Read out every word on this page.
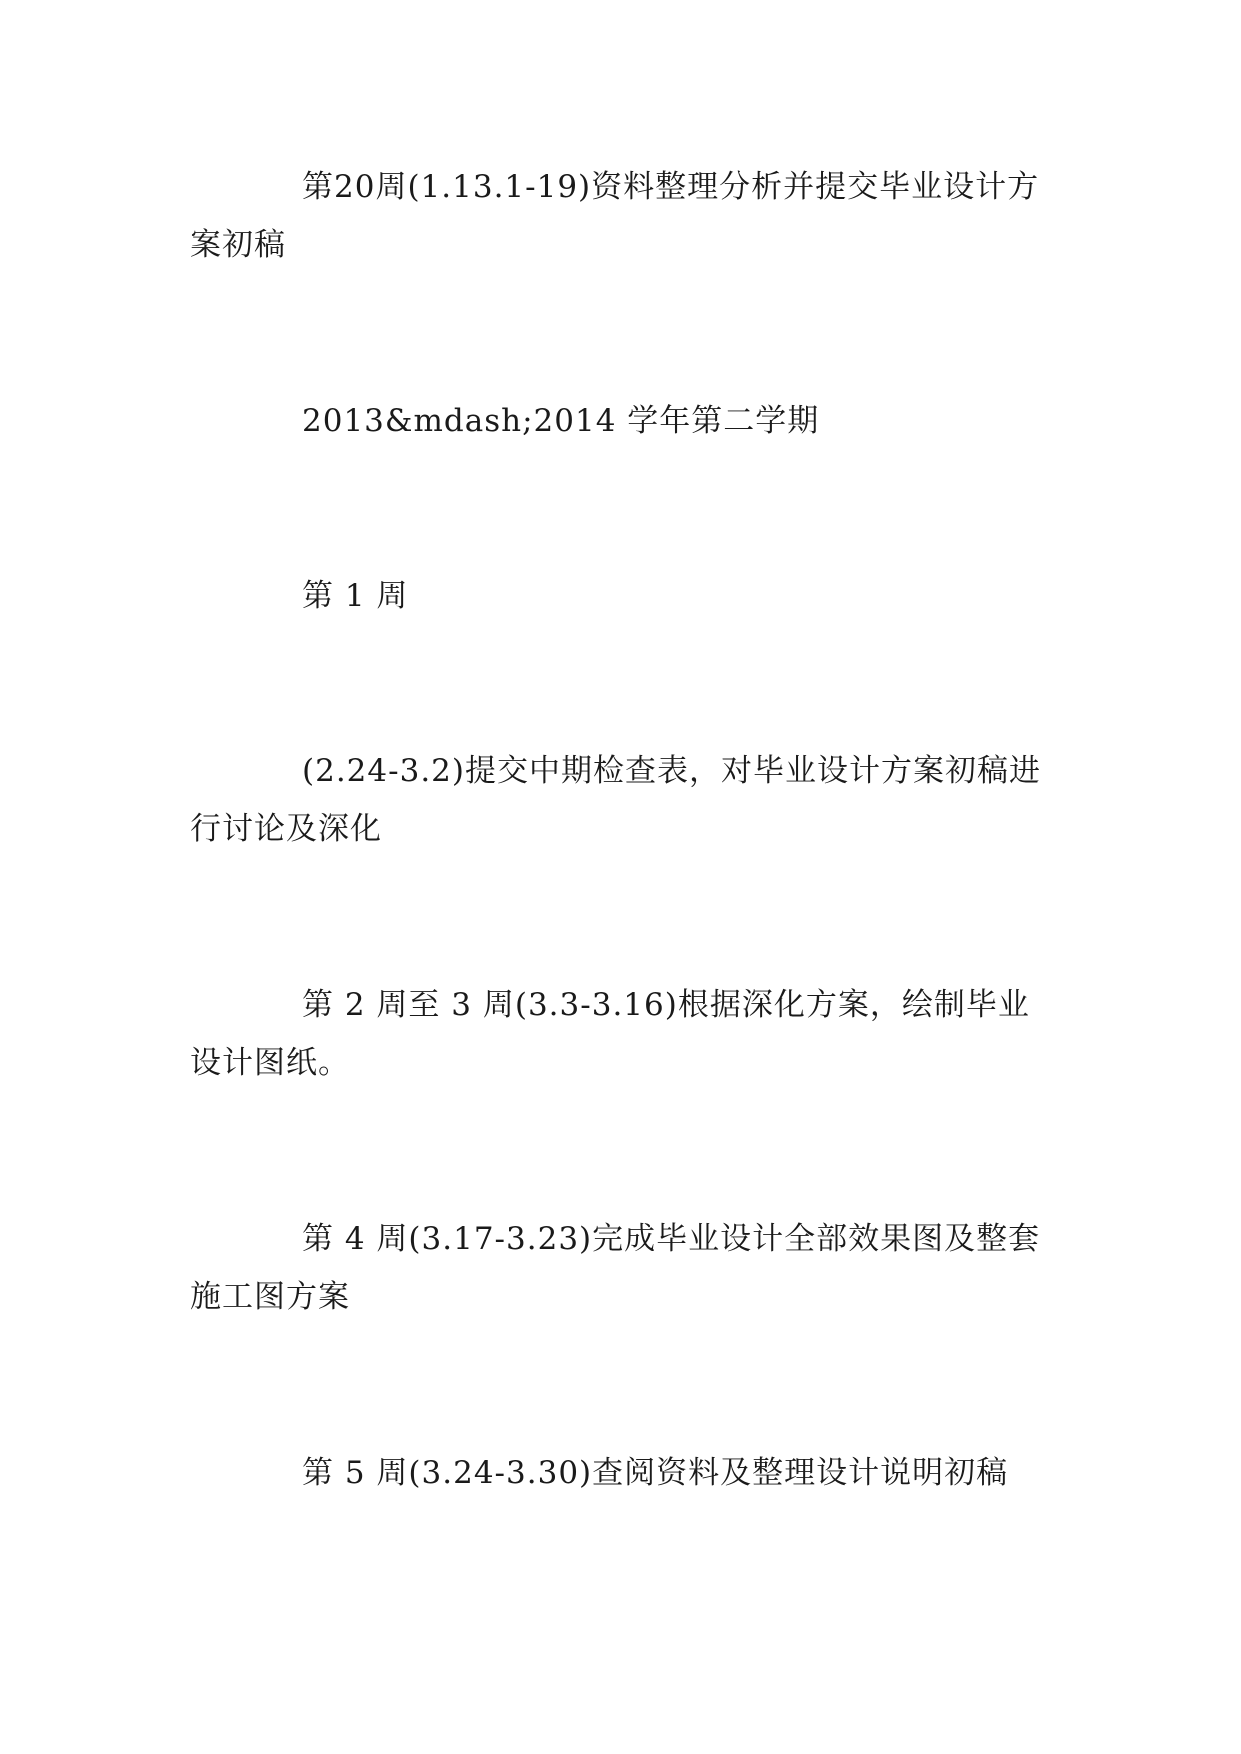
第20周(1.13.1-19)资料整理分析并提交毕业设计方案初稿

2013&mdash;2014 学年第二学期

第 1 周

(2.24-3.2)提交中期检查表，对毕业设计方案初稿进行讨论及深化

第 2 周至 3 周(3.3-3.16)根据深化方案，绘制毕业设计图纸。

第 4 周(3.17-3.23)完成毕业设计全部效果图及整套施工图方案

第 5 周(3.24-3.30)查阅资料及整理设计说明初稿
